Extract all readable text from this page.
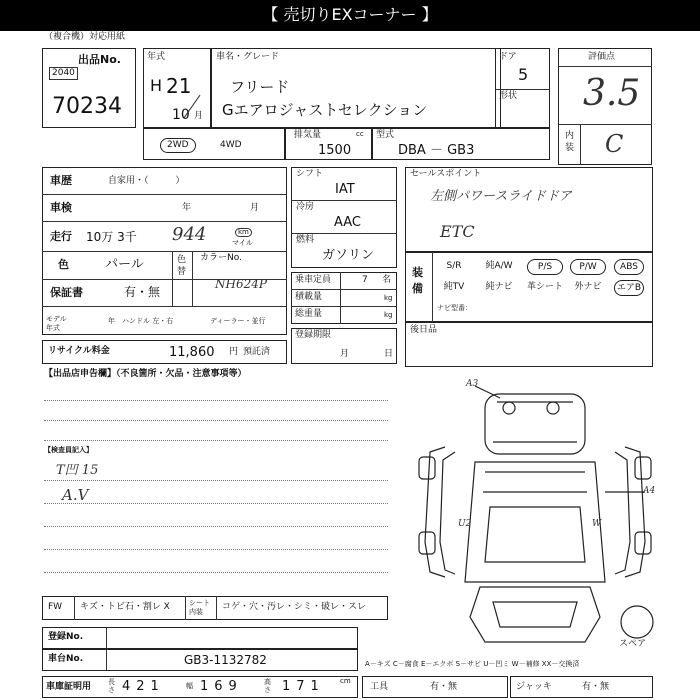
【 売切りEXコーナー 】
（複合機）対応用紙
出品No.
2040
70234
年式
H 21
10 月
車名・グレード
フリード
Gエアロジャストセレクション
ドア
5
形状
評価点
3.5
内装 C
2WD	4WD
排気量	cc
1500
型式
DBA － GB3
車歴	自家用・（　　　）
車検	年	月
走行 10万 3千 944	km
マイル
色	パール	色替
カラーNo.
NH624P
保証書	有・無
モデル年式
年 ハンドル 左・右	ディーラー・並行
シフト
IAT
冷房
AAC
燃料
ガソリン
乗車定員	7 名
積載量	kg
総重量	kg
登録期限
月	日
セールスポイント
左側パワースライドドア
ETC
装備
ナビ型番：
リサイクル料金	11,860 円 預託済
後日品
【出品店申告欄】（不良箇所・欠品・注意事項等）
【検査員記入】
T凹 15
A.V
A3
A4
U2	W
スペア
FW キズ・トビ石・割レ X	シート内装	コゲ・穴・汚レ・シミ・破レ・スレ
登録No.
車台No.	GB3-1132782	A－キズ C－腐食 E－エクボ S－サビ U－凹ミ W－補修 XX－交換済
車庫証明用 長さ 421	幅 169	高さ 171 cm
工具	有・無	ジャッキ	有・無
S/R	純A/W	P/S	P/W	ABS
純TV	純ナビ	革シート	外ナビ	エアB
